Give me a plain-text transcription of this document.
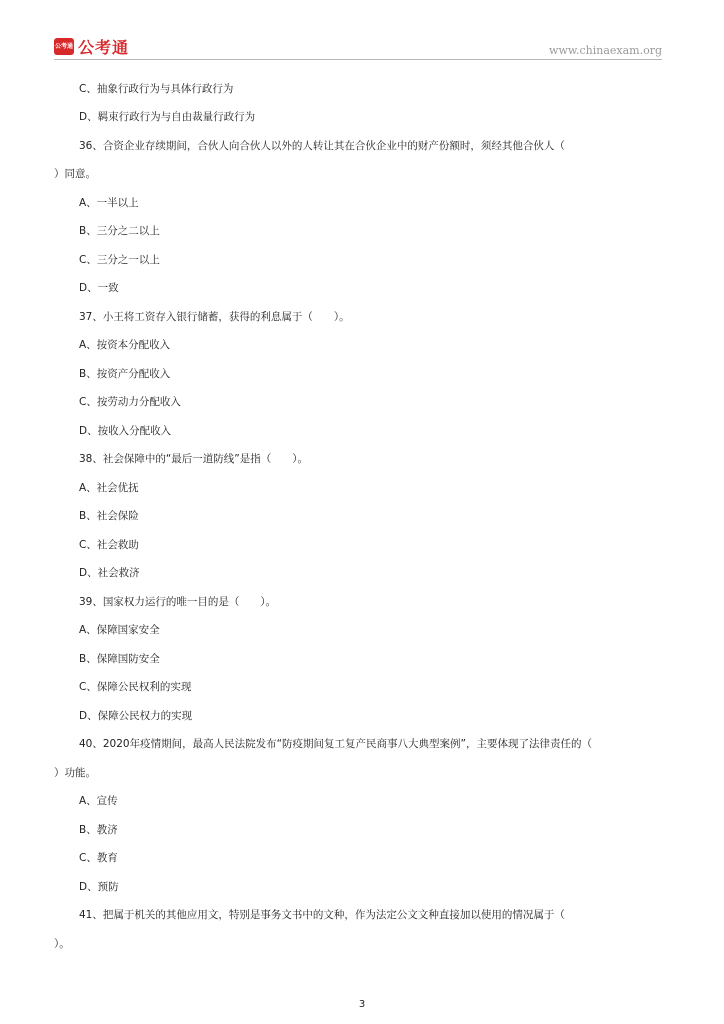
公考通 公考通	www.chinaexam.org
C、抽象行政行为与具体行政行为
D、羁束行政行为与自由裁量行政行为
36、合资企业存续期间，合伙人向合伙人以外的人转让其在合伙企业中的财产份额时，须经其他合伙人（
）同意。
A、一半以上
B、三分之二以上
C、三分之一以上
D、一致
37、小王将工资存入银行储蓄，获得的利息属于（　　）。
A、按资本分配收入
B、按资产分配收入
C、按劳动力分配收入
D、按收入分配收入
38、社会保障中的“最后一道防线”是指（　　）。
A、社会优抚
B、社会保险
C、社会救助
D、社会救济
39、国家权力运行的唯一目的是（　　）。
A、保障国家安全
B、保障国防安全
C、保障公民权利的实现
D、保障公民权力的实现
40、2020年疫情期间，最高人民法院发布“防疫期间复工复产民商事八大典型案例”，主要体现了法律责任的（
）功能。
A、宣传
B、教济
C、教育
D、预防
41、把属于机关的其他应用文，特别是事务文书中的文种，作为法定公文文种直接加以使用的情况属于（
）。
3
